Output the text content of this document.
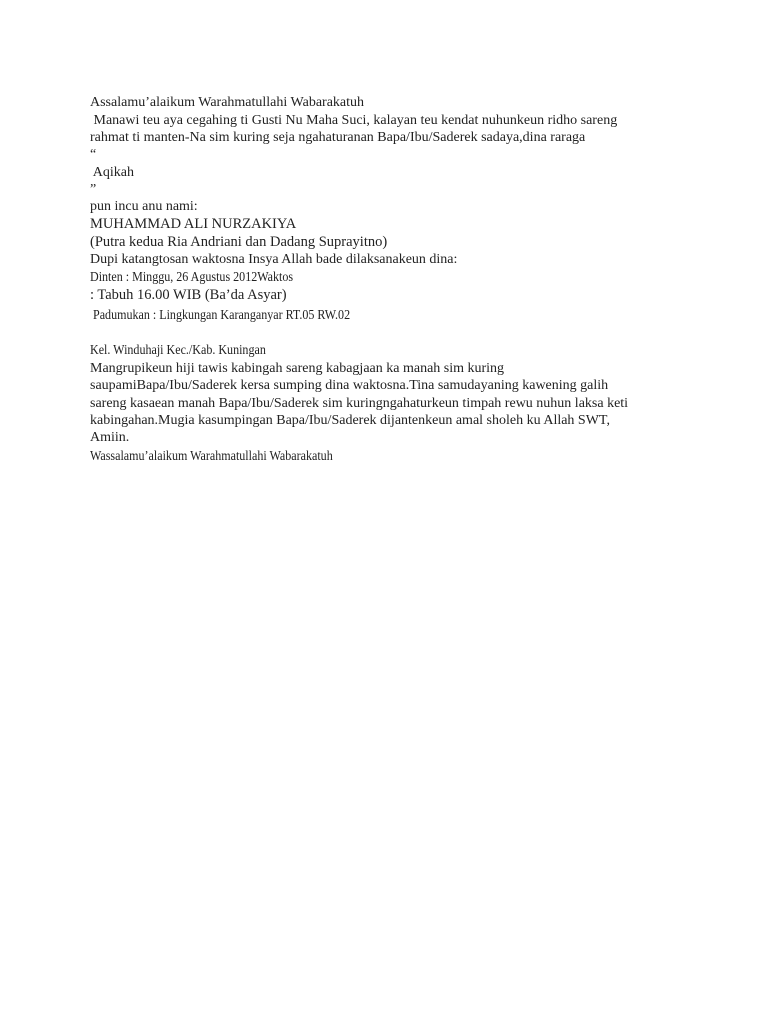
Assalamu’alaikum Warahmatullahi Wabarakatuh
Manawi teu aya cegahing ti Gusti Nu Maha Suci, kalayan teu kendat nuhunkeun ridho sareng
rahmat ti manten-Na sim kuring seja ngahaturanan Bapa/Ibu/Saderek sadaya,dina raraga
“
Aqikah
”
pun incu anu nami:
MUHAMMAD ALI NURZAKIYA
(Putra kedua Ria Andriani dan Dadang Suprayitno)
Dupi katangtosan waktosna Insya Allah bade dilaksanakeun dina:
Dinten : Minggu, 26 Agustus 2012Waktos
: Tabuh 16.00 WIB (Ba’da Asyar)
Padumukan : Lingkungan Karanganyar RT.05 RW.02
Kel. Winduhaji Kec./Kab. Kuningan
Mangrupikeun hiji tawis kabingah sareng kabagjaan ka manah sim kuring
saupamiBapa/Ibu/Saderek kersa sumping dina waktosna.Tina samudayaning kawening galih
sareng kasaean manah Bapa/Ibu/Saderek sim kuringngahaturkeun timpah rewu nuhun laksa keti
kabingahan.Mugia kasumpingan Bapa/Ibu/Saderek dijantenkeun amal sholeh ku Allah SWT,
Amiin.
Wassalamu’alaikum Warahmatullahi Wabarakatuh
